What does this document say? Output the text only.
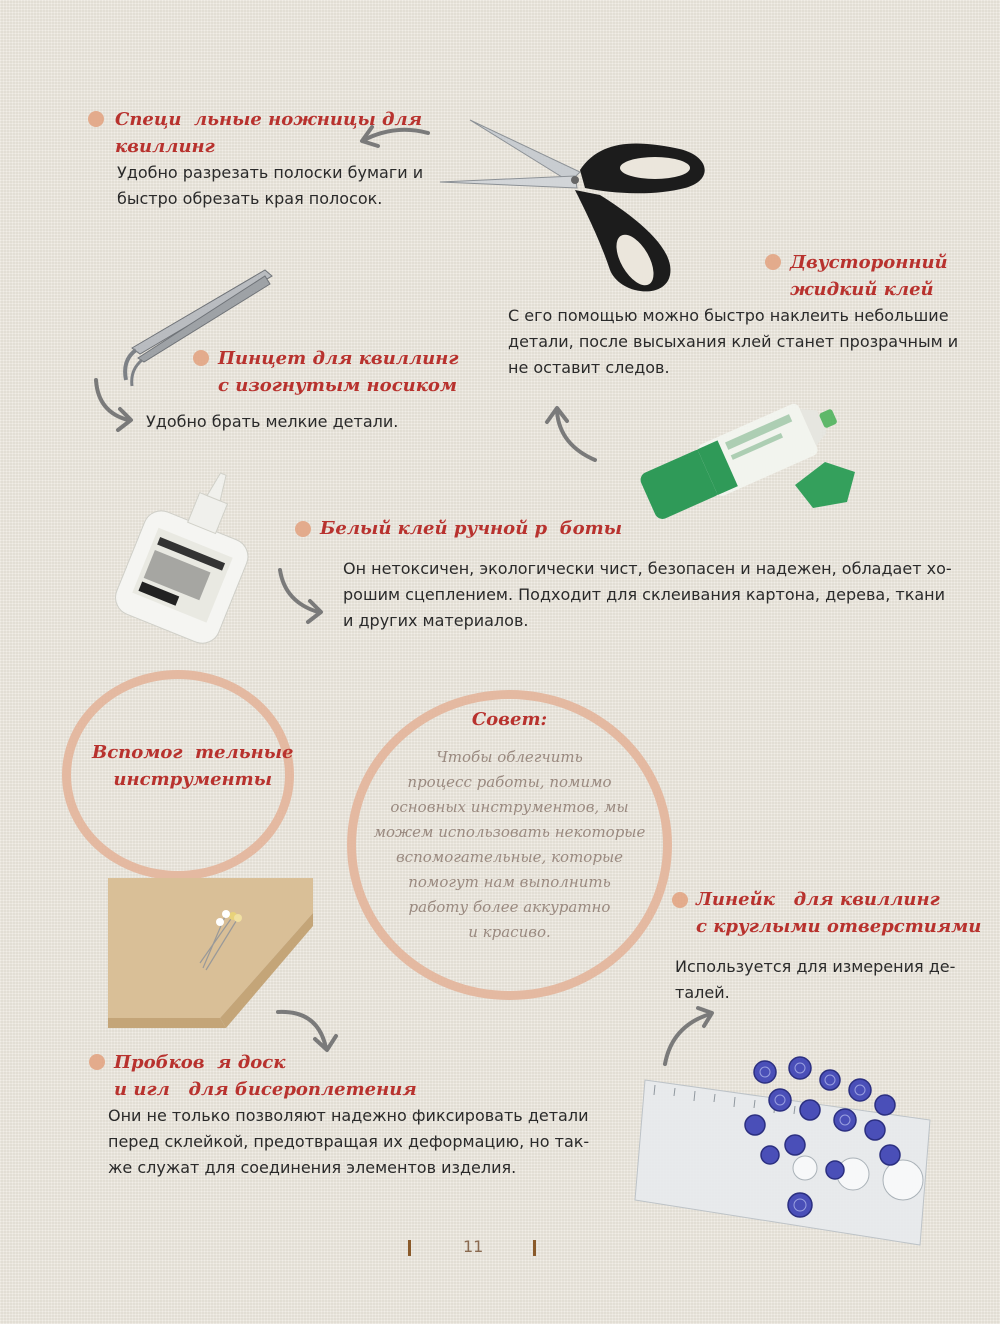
Специ  льные ножницы для
квиллинг
Удобно разрезать полоски бумаги и
быстро обрезать края полосок.
Двусторонний
жидкий клей
С его помощью можно быстро наклеить небольшие
детали, после высыхания клей станет прозрачным и
не оставит следов.
Пинцет для квиллинг
с изогнутым носиком
Удобно брать мелкие детали.
Белый клей ручной р  боты
Он нетоксичен, экологически чист, безопасен и надежен, обладает хо-
рошим сцеплением. Подходит для склеивания картона, дерева, ткани
и других материалов.
Вспомог  тельные
инструменты
Совет:
Чтобы облегчить
процесс работы, помимо
основных инструментов, мы
можем использовать некоторые
вспомогательные, которые
помогут нам выполнить
работу более аккуратно
и красиво.
Пробков  я доск
и игл   для бисероплетения
Они не только позволяют надежно фиксировать детали
перед склейкой, предотвращая их деформацию, но так-
же служат для соединения элементов изделия.
Линейк   для квиллинг
с круглыми отверстиями
Используется для измерения де-
талей.
11
